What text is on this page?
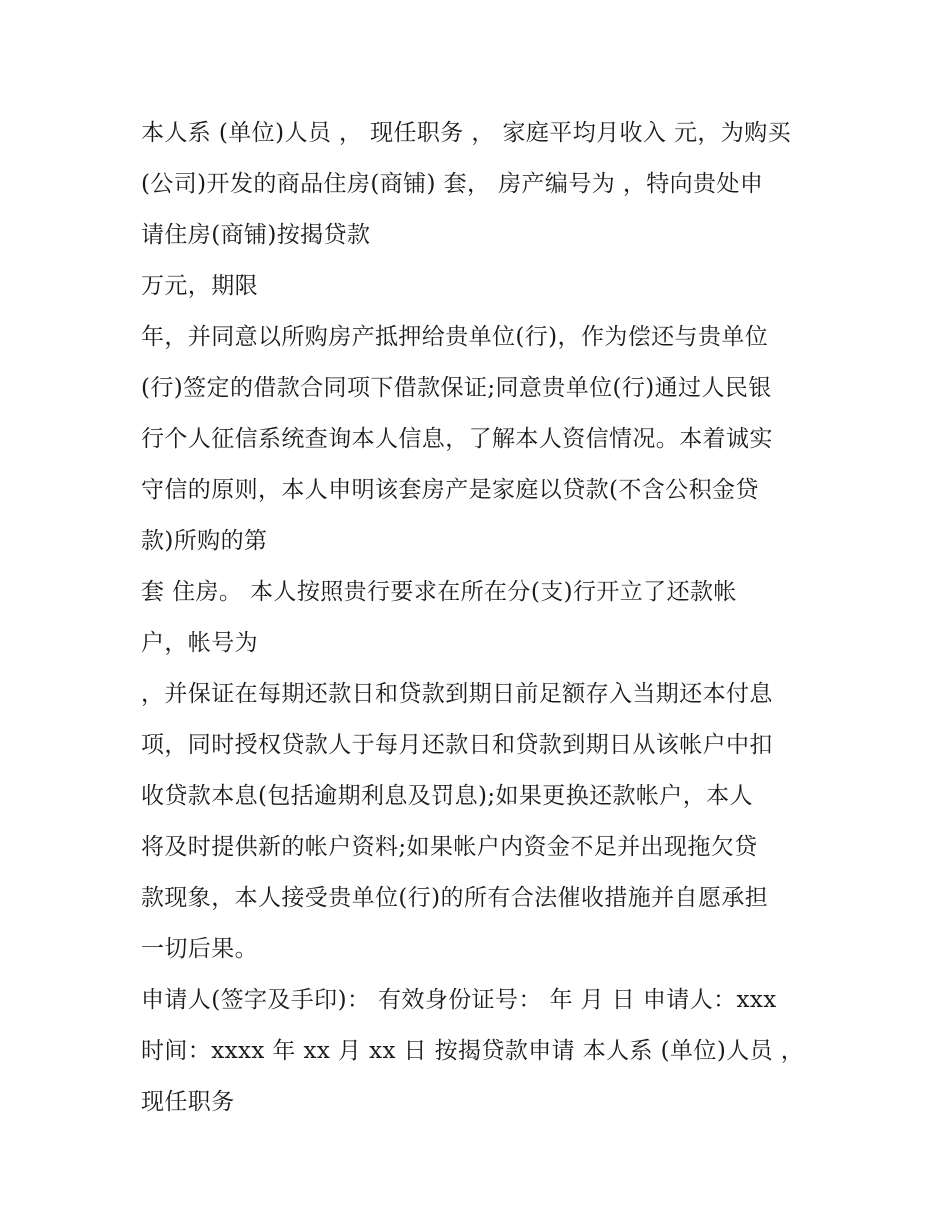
本人系 (单位)人员 ， 现任职务 ， 家庭平均月收入 元，为购买
(公司)开发的商品住房(商铺) 套， 房产编号为 ，特向贵处申
请住房(商铺)按揭贷款
万元，期限
年，并同意以所购房产抵押给贵单位(行)，作为偿还与贵单位
(行)签定的借款合同项下借款保证;同意贵单位(行)通过人民银
行个人征信系统查询本人信息，了解本人资信情况。本着诚实
守信的原则，本人申明该套房产是家庭以贷款(不含公积金贷
款)所购的第
套 住房。 本人按照贵行要求在所在分(支)行开立了还款帐
户，帐号为
，并保证在每期还款日和贷款到期日前足额存入当期还本付息
项，同时授权贷款人于每月还款日和贷款到期日从该帐户中扣
收贷款本息(包括逾期利息及罚息);如果更换还款帐户，本人
将及时提供新的帐户资料;如果帐户内资金不足并出现拖欠贷
款现象，本人接受贵单位(行)的所有合法催收措施并自愿承担
一切后果。
申请人(签字及手印)： 有效身份证号： 年 月 日 申请人：xxx
时间：xxxx 年 xx 月 xx 日 按揭贷款申请 本人系 (单位)人员 ，
现任职务
